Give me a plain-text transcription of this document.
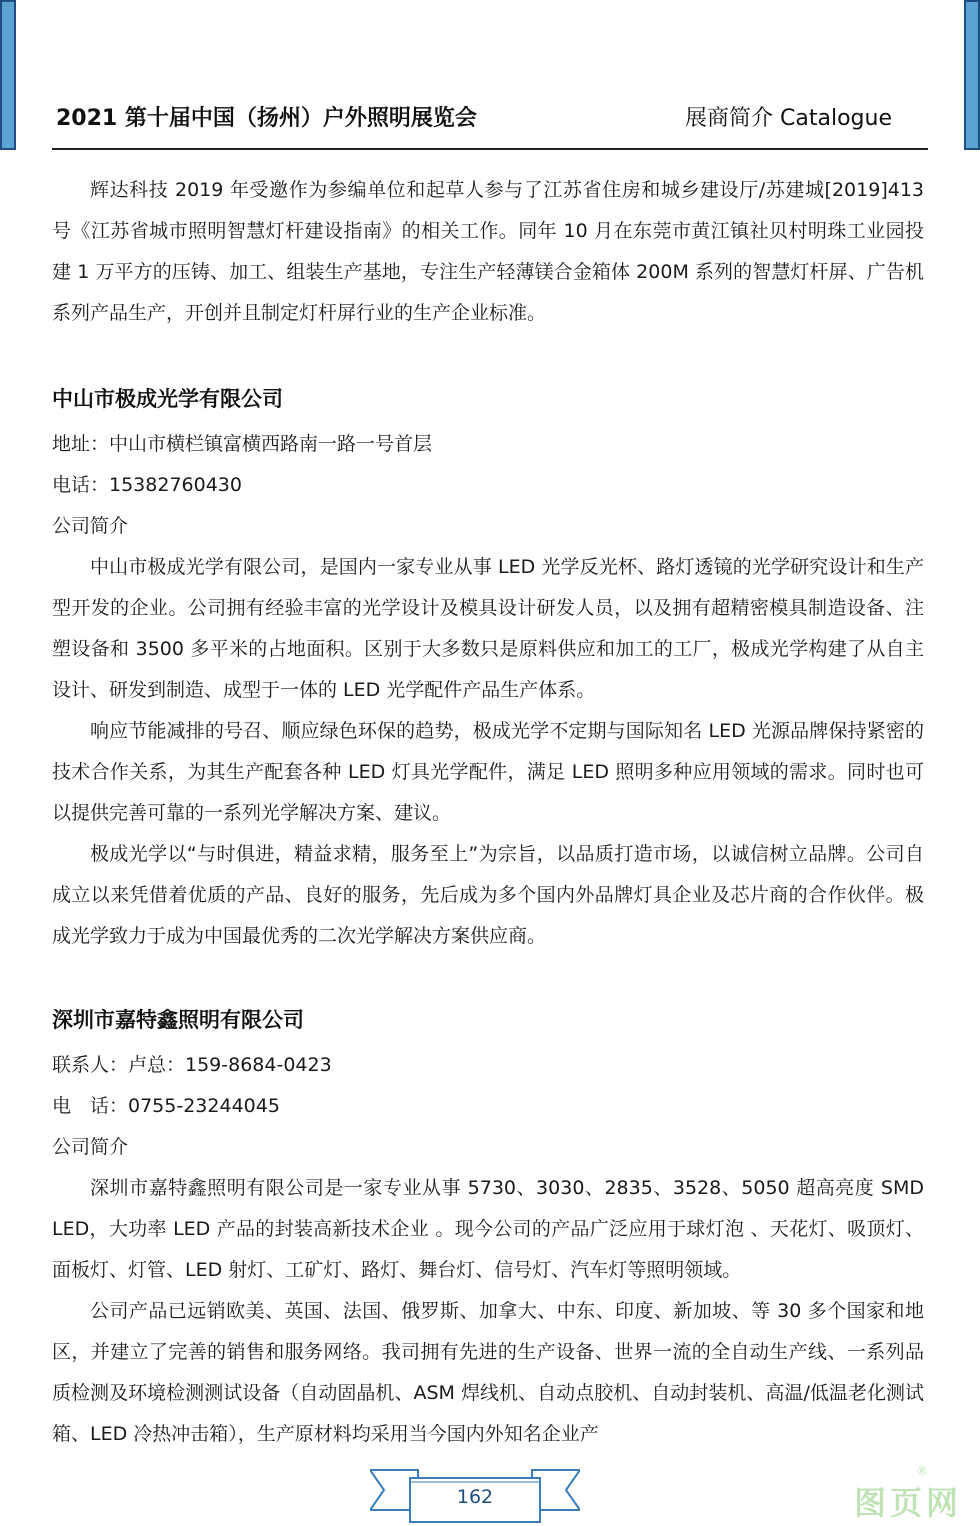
2021 第十届中国（扬州）户外照明展览会	展商简介 Catalogue

辉达科技 2019 年受邀作为参编单位和起草人参与了江苏省住房和城乡建设厅/苏建城[2019]413 号《江苏省城市照明智慧灯杆建设指南》的相关工作。同年 10 月在东莞市黄江镇社贝村明珠工业园投建 1 万平方的压铸、加工、组装生产基地，专注生产轻薄镁合金箱体 200M 系列的智慧灯杆屏、广告机系列产品生产，开创并且制定灯杆屏行业的生产企业标准。

中山市极成光学有限公司

地址：中山市横栏镇富横西路南一路一号首层

电话：15382760430

公司简介

中山市极成光学有限公司，是国内一家专业从事 LED 光学反光杯、路灯透镜的光学研究设计和生产型开发的企业。公司拥有经验丰富的光学设计及模具设计研发人员，以及拥有超精密模具制造设备、注塑设备和 3500 多平米的占地面积。区别于大多数只是原料供应和加工的工厂，极成光学构建了从自主设计、研发到制造、成型于一体的 LED 光学配件产品生产体系。

响应节能减排的号召、顺应绿色环保的趋势，极成光学不定期与国际知名 LED 光源品牌保持紧密的技术合作关系，为其生产配套各种 LED 灯具光学配件，满足 LED 照明多种应用领域的需求。同时也可以提供完善可靠的一系列光学解决方案、建议。

极成光学以“与时俱进，精益求精，服务至上”为宗旨，以品质打造市场，以诚信树立品牌。公司自成立以来凭借着优质的产品、良好的服务，先后成为多个国内外品牌灯具企业及芯片商的合作伙伴。极成光学致力于成为中国最优秀的二次光学解决方案供应商。

深圳市嘉特鑫照明有限公司

联系人：卢总：159-8684-0423

电　话：0755-23244045

公司简介

深圳市嘉特鑫照明有限公司是一家专业从事 5730、3030、2835、3528、5050 超高亮度 SMD LED，大功率 LED 产品的封装高新技术企业 。现今公司的产品广泛应用于球灯泡 、天花灯、吸顶灯、面板灯、灯管、LED 射灯、工矿灯、路灯、舞台灯、信号灯、汽车灯等照明领域。

公司产品已远销欧美、英国、法国、俄罗斯、加拿大、中东、印度、新加坡、等 30 多个国家和地区，并建立了完善的销售和服务网络。我司拥有先进的生产设备、世界一流的全自动生产线、一系列品质检测及环境检测测试设备（自动固晶机、ASM 焊线机、自动点胶机、自动封装机、高温/低温老化测试箱、LED 冷热冲击箱），生产原材料均采用当今国内外知名企业产

162	图页网
®
